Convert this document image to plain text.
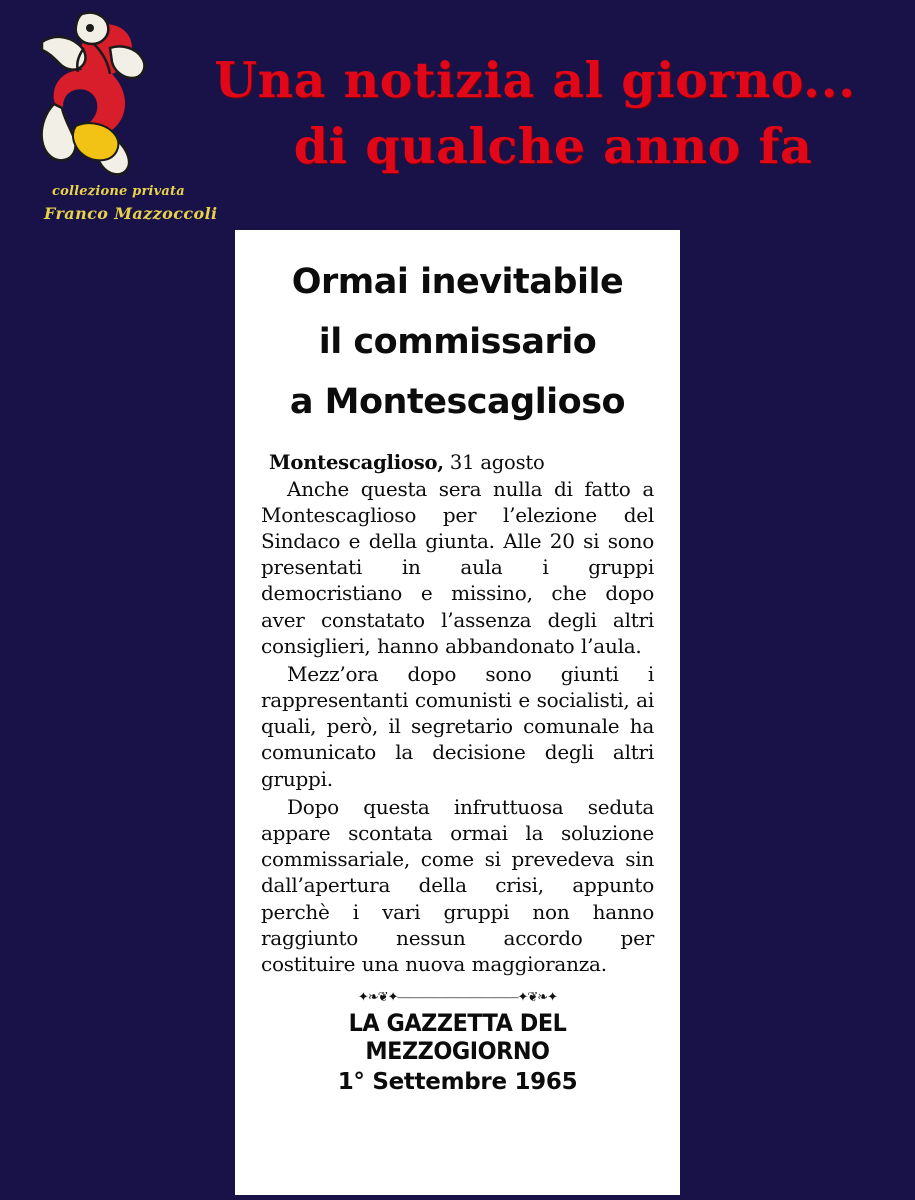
collezione privata
Franco Mazzoccoli
Una notizia al giorno...
di qualche anno fa
Ormai inevitabile
il commissario
a Montescaglioso

Montescaglioso, 31 agosto

Anche questa sera nulla di fatto a Montescaglioso per l’elezione del Sindaco e della giunta. Alle 20 si sono presentati in aula i gruppi democristiano e missino, che dopo aver constatato l’assenza degli altri consiglieri, hanno abbandonato l’aula.

Mezz’ora dopo sono giunti i rappresentanti comunisti e socialisti, ai quali, però, il segretario comunale ha comunicato la decisione degli altri gruppi.

Dopo questa infruttuosa seduta appare scontata ormai la soluzione commissariale, come si prevedeva sin dall’apertura della crisi, appunto perchè i vari gruppi non hanno raggiunto nessun accordo per costituire una nuova maggioranza.

✦❧❦✦——————————✦❦❧✦

LA GAZZETTA DEL MEZZOGIORNO

1° Settembre 1965
